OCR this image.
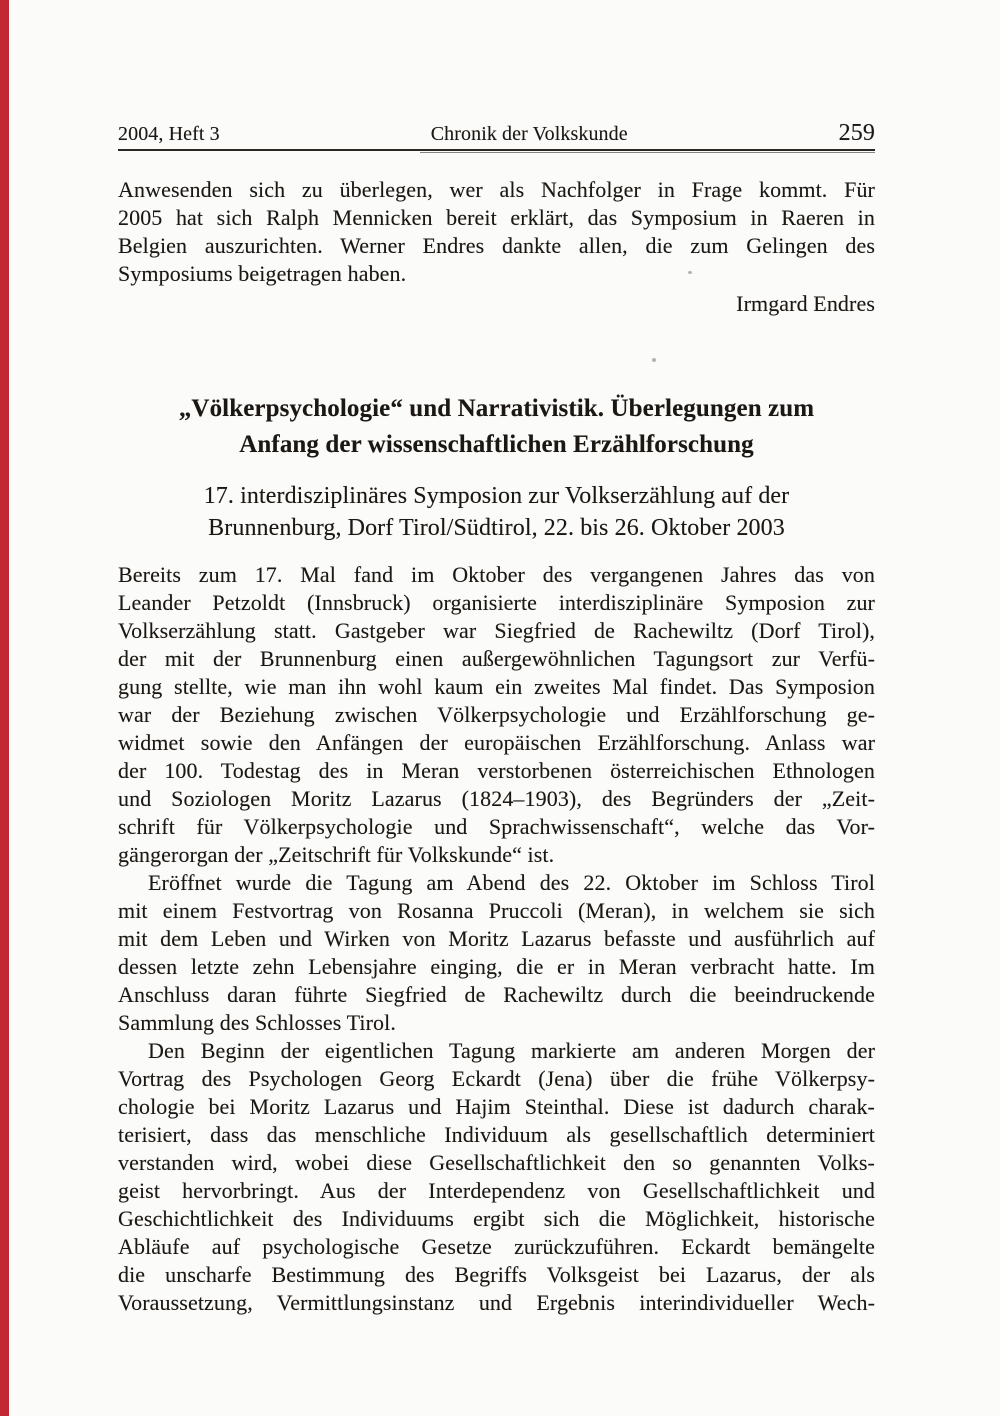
2004, Heft 3	Chronik der Volkskunde	259
Anwesenden sich zu überlegen, wer als Nachfolger in Frage kommt. Für
2005 hat sich Ralph Mennicken bereit erklärt, das Symposium in Raeren in
Belgien auszurichten. Werner Endres dankte allen, die zum Gelingen des
Symposiums beigetragen haben.
Irmgard Endres
„Völkerpsychologie“ und Narrativistik. Überlegungen zum
Anfang der wissenschaftlichen Erzählforschung
17. interdisziplinäres Symposion zur Volkserzählung auf der
Brunnenburg, Dorf Tirol/Südtirol, 22. bis 26. Oktober 2003
Bereits zum 17. Mal fand im Oktober des vergangenen Jahres das von
Leander Petzoldt (Innsbruck) organisierte interdisziplinäre Symposion zur
Volkserzählung statt. Gastgeber war Siegfried de Rachewiltz (Dorf Tirol),
der mit der Brunnenburg einen außergewöhnlichen Tagungsort zur Verfü-
gung stellte, wie man ihn wohl kaum ein zweites Mal findet. Das Symposion
war der Beziehung zwischen Völkerpsychologie und Erzählforschung ge-
widmet sowie den Anfängen der europäischen Erzählforschung. Anlass war
der 100. Todestag des in Meran verstorbenen österreichischen Ethnologen
und Soziologen Moritz Lazarus (1824–1903), des Begründers der „Zeit-
schrift für Völkerpsychologie und Sprachwissenschaft“, welche das Vor-
gängerorgan der „Zeitschrift für Volkskunde“ ist.
Eröffnet wurde die Tagung am Abend des 22. Oktober im Schloss Tirol
mit einem Festvortrag von Rosanna Pruccoli (Meran), in welchem sie sich
mit dem Leben und Wirken von Moritz Lazarus befasste und ausführlich auf
dessen letzte zehn Lebensjahre einging, die er in Meran verbracht hatte. Im
Anschluss daran führte Siegfried de Rachewiltz durch die beeindruckende
Sammlung des Schlosses Tirol.
Den Beginn der eigentlichen Tagung markierte am anderen Morgen der
Vortrag des Psychologen Georg Eckardt (Jena) über die frühe Völkerpsy-
chologie bei Moritz Lazarus und Hajim Steinthal. Diese ist dadurch charak-
terisiert, dass das menschliche Individuum als gesellschaftlich determiniert
verstanden wird, wobei diese Gesellschaftlichkeit den so genannten Volks-
geist hervorbringt. Aus der Interdependenz von Gesellschaftlichkeit und
Geschichtlichkeit des Individuums ergibt sich die Möglichkeit, historische
Abläufe auf psychologische Gesetze zurückzuführen. Eckardt bemängelte
die unscharfe Bestimmung des Begriffs Volksgeist bei Lazarus, der als
Voraussetzung, Vermittlungsinstanz und Ergebnis interindividueller Wech-
